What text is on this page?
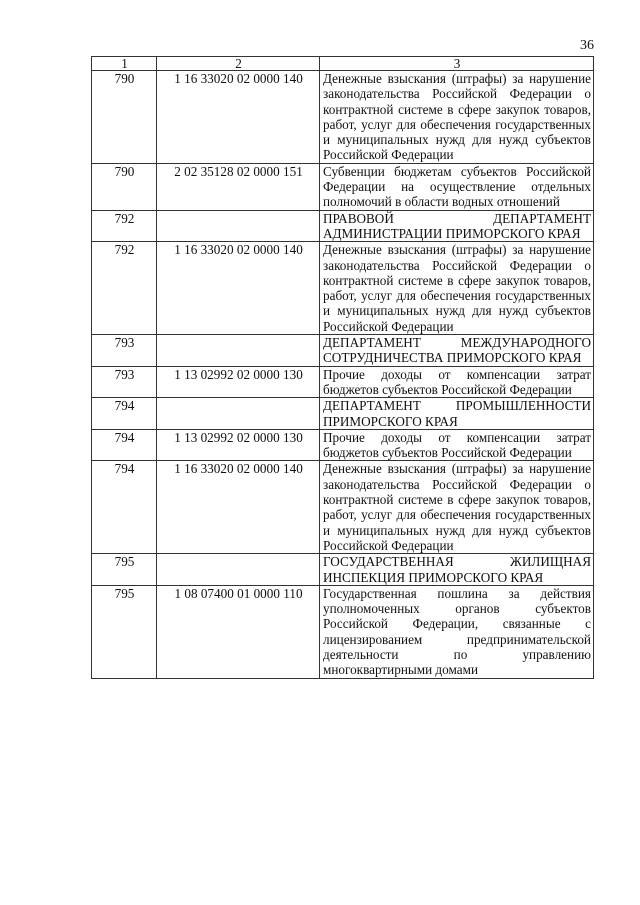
36
1	2	3
790	1 16 33020 02 0000 140	Денежные взыскания (штрафы) за нарушение законодательства Российской Федерации о контрактной системе в сфере закупок товаров, работ, услуг для обеспечения государственных и муниципальных нужд для нужд субъектов Российской Федерации
790	2 02 35128 02 0000 151	Субвенции бюджетам субъектов Российской Федерации на осуществление отдельных полномочий в области водных отношений
792		ПРАВОВОЙ ДЕПАРТАМЕНТ АДМИНИСТРАЦИИ ПРИМОРСКОГО КРАЯ
792	1 16 33020 02 0000 140	Денежные взыскания (штрафы) за нарушение законодательства Российской Федерации о контрактной системе в сфере закупок товаров, работ, услуг для обеспечения государственных и муниципальных нужд для нужд субъектов Российской Федерации
793		ДЕПАРТАМЕНТ МЕЖДУНАРОДНОГО СОТРУДНИЧЕСТВА ПРИМОРСКОГО КРАЯ
793	1 13 02992 02 0000 130	Прочие доходы от компенсации затрат бюджетов субъектов Российской Федерации
794		ДЕПАРТАМЕНТ ПРОМЫШЛЕННОСТИ ПРИМОРСКОГО КРАЯ
794	1 13 02992 02 0000 130	Прочие доходы от компенсации затрат бюджетов субъектов Российской Федерации
794	1 16 33020 02 0000 140	Денежные взыскания (штрафы) за нарушение законодательства Российской Федерации о контрактной системе в сфере закупок товаров, работ, услуг для обеспечения государственных и муниципальных нужд для нужд субъектов Российской Федерации
795		ГОСУДАРСТВЕННАЯ ЖИЛИЩНАЯ ИНСПЕКЦИЯ ПРИМОРСКОГО КРАЯ
795	1 08 07400 01 0000 110	Государственная пошлина за действия уполномоченных органов субъектов Российской Федерации, связанные с лицензированием предпринимательской деятельности по управлению многоквартирными домами
